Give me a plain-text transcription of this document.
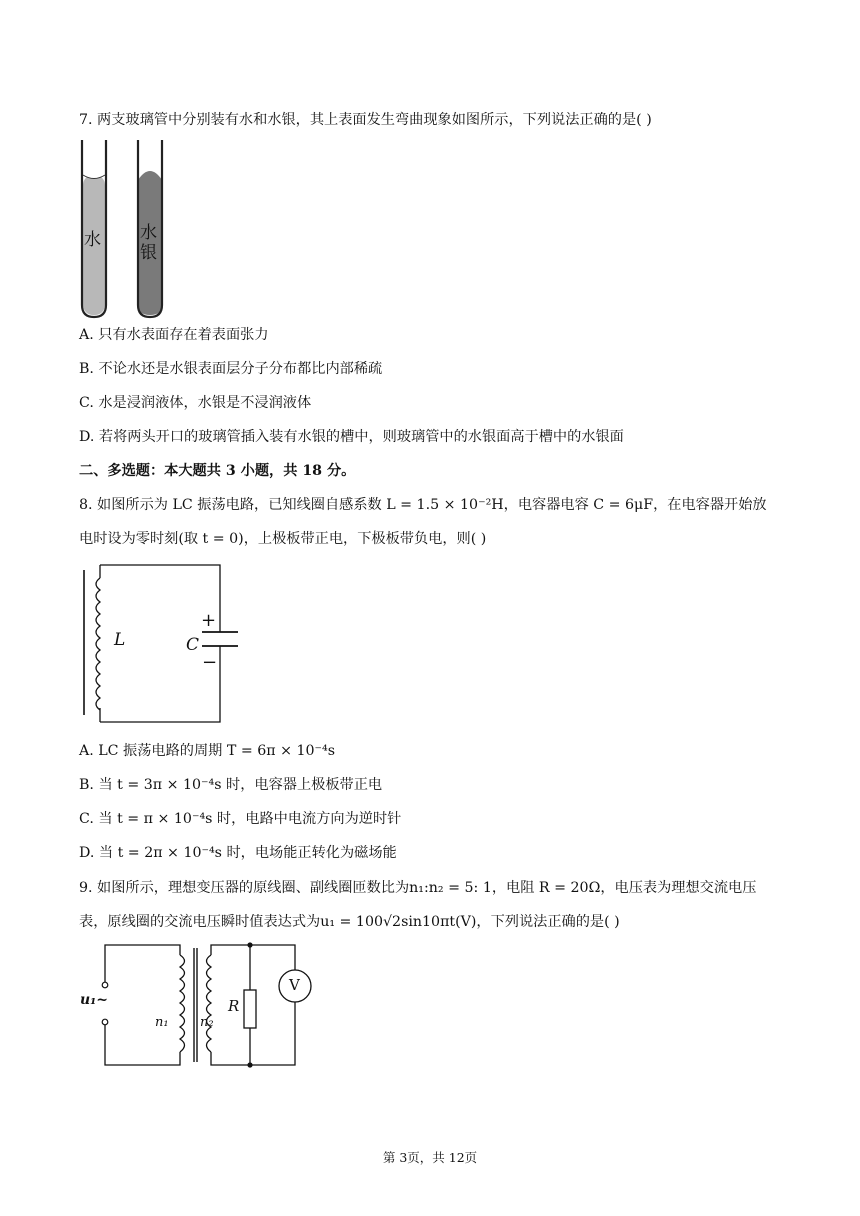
7. 两支玻璃管中分别装有水和水银，其上表面发生弯曲现象如图所示，下列说法正确的是( )
水 水
银
A. 只有水表面存在着表面张力
B. 不论水还是水银表面层分子分布都比内部稀疏
C. 水是浸润液体，水银是不浸润液体
D. 若将两头开口的玻璃管插入装有水银的槽中，则玻璃管中的水银面高于槽中的水银面
二、多选题：本大题共 3 小题，共 18 分。
8. 如图所示为 LC 振荡电路，已知线圈自感系数 L = 1.5 × 10⁻²H，电容器电容 C = 6μF，在电容器开始放
电时设为零时刻(取 t = 0)，上极板带正电，下极板带负电，则( )
L	C
+
−
A. LC 振荡电路的周期 T = 6π × 10⁻⁴s
B. 当 t = 3π × 10⁻⁴s 时，电容器上极板带正电
C. 当 t = π × 10⁻⁴s 时，电路中电流方向为逆时针
D. 当 t = 2π × 10⁻⁴s 时，电场能正转化为磁场能
9. 如图所示，理想变压器的原线圈、副线圈匝数比为n₁:n₂ = 5: 1，电阻 R = 20Ω，电压表为理想交流电压
表，原线圈的交流电压瞬时值表达式为u₁ = 100√2sin10πt(V)，下列说法正确的是( )
u₁~
n₁ n₂
R
V
第 3页，共 12页
